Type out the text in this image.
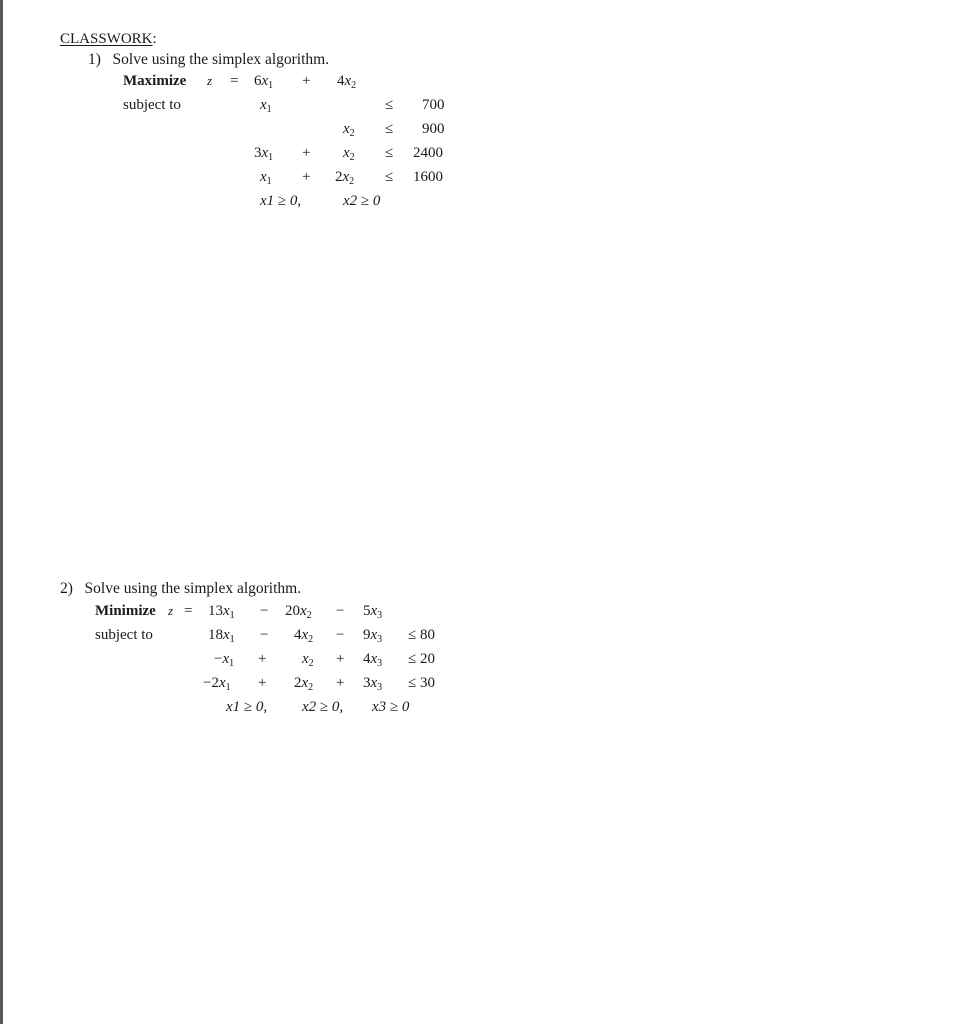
CLASSWORK:
1) Solve using the simplex algorithm.
Maximize $z = 6x_1 + 4x_2$
subject to	$x_1$	≤ 700
$x_2 \le 900$
$3x_1 + x_2 \le 2400$
$x_1 + 2x_2 \le 1600$
x1 ≥ 0,	x2 ≥ 0
2) Solve using the simplex algorithm.
Minimize $z = 13x_1 - 20x_2 - 5x_3$
subject to	$18x_1 - 4x_2 - 9x_3 \le 80$
$-x_1 + x_2 + 4x_3 \le 20$
$-2x_1 + 2x_2 + 3x_3 \le 30$
x1 ≥ 0, x2 ≥ 0, x3 ≥ 0
